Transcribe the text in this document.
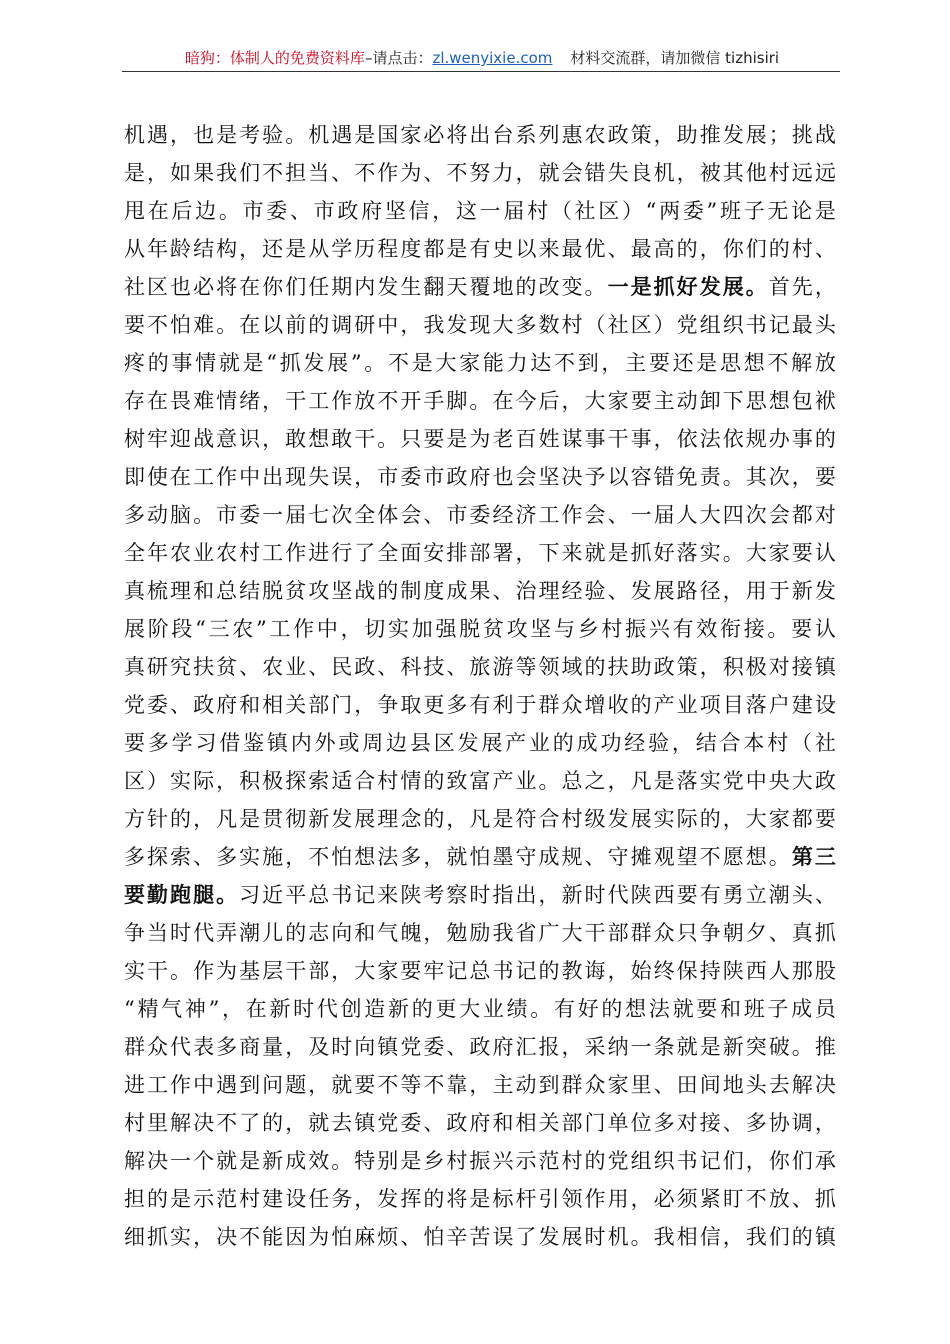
暗狗：体制人的免费资料库–请点击：zl.wenyixie.com 材料交流群，请加微信 tizhisiri
机遇，也是考验。机遇是国家必将出台系列惠农政策，助推发展；挑战
是，如果我们不担当、不作为、不努力，就会错失良机，被其他村远远
甩在后边。市委、市政府坚信，这一届村（社区）“两委”班子无论是
从年龄结构，还是从学历程度都是有史以来最优、最高的，你们的村、
社区也必将在你们任期内发生翻天覆地的改变。一是抓好发展。首先，
要不怕难。在以前的调研中，我发现大多数村（社区）党组织书记最头
疼的事情就是“抓发展”。不是大家能力达不到，主要还是思想不解放
存在畏难情绪，干工作放不开手脚。在今后，大家要主动卸下思想包袱
树牢迎战意识，敢想敢干。只要是为老百姓谋事干事，依法依规办事的
即使在工作中出现失误，市委市政府也会坚决予以容错免责。其次，要
多动脑。市委一届七次全体会、市委经济工作会、一届人大四次会都对
全年农业农村工作进行了全面安排部署，下来就是抓好落实。大家要认
真梳理和总结脱贫攻坚战的制度成果、治理经验、发展路径，用于新发
展阶段“三农”工作中，切实加强脱贫攻坚与乡村振兴有效衔接。要认
真研究扶贫、农业、民政、科技、旅游等领域的扶助政策，积极对接镇
党委、政府和相关部门，争取更多有利于群众增收的产业项目落户建设
要多学习借鉴镇内外或周边县区发展产业的成功经验，结合本村（社
区）实际，积极探索适合村情的致富产业。总之，凡是落实党中央大政
方针的，凡是贯彻新发展理念的，凡是符合村级发展实际的，大家都要
多探索、多实施，不怕想法多，就怕墨守成规、守摊观望不愿想。第三
要勤跑腿。习近平总书记来陕考察时指出，新时代陕西要有勇立潮头、
争当时代弄潮儿的志向和气魄，勉励我省广大干部群众只争朝夕、真抓
实干。作为基层干部，大家要牢记总书记的教诲，始终保持陕西人那股
“精气神”，在新时代创造新的更大业绩。有好的想法就要和班子成员
群众代表多商量，及时向镇党委、政府汇报，采纳一条就是新突破。推
进工作中遇到问题，就要不等不靠，主动到群众家里、田间地头去解决
村里解决不了的，就去镇党委、政府和相关部门单位多对接、多协调，
解决一个就是新成效。特别是乡村振兴示范村的党组织书记们，你们承
担的是示范村建设任务，发挥的将是标杆引领作用，必须紧盯不放、抓
细抓实，决不能因为怕麻烦、怕辛苦误了发展时机。我相信，我们的镇
